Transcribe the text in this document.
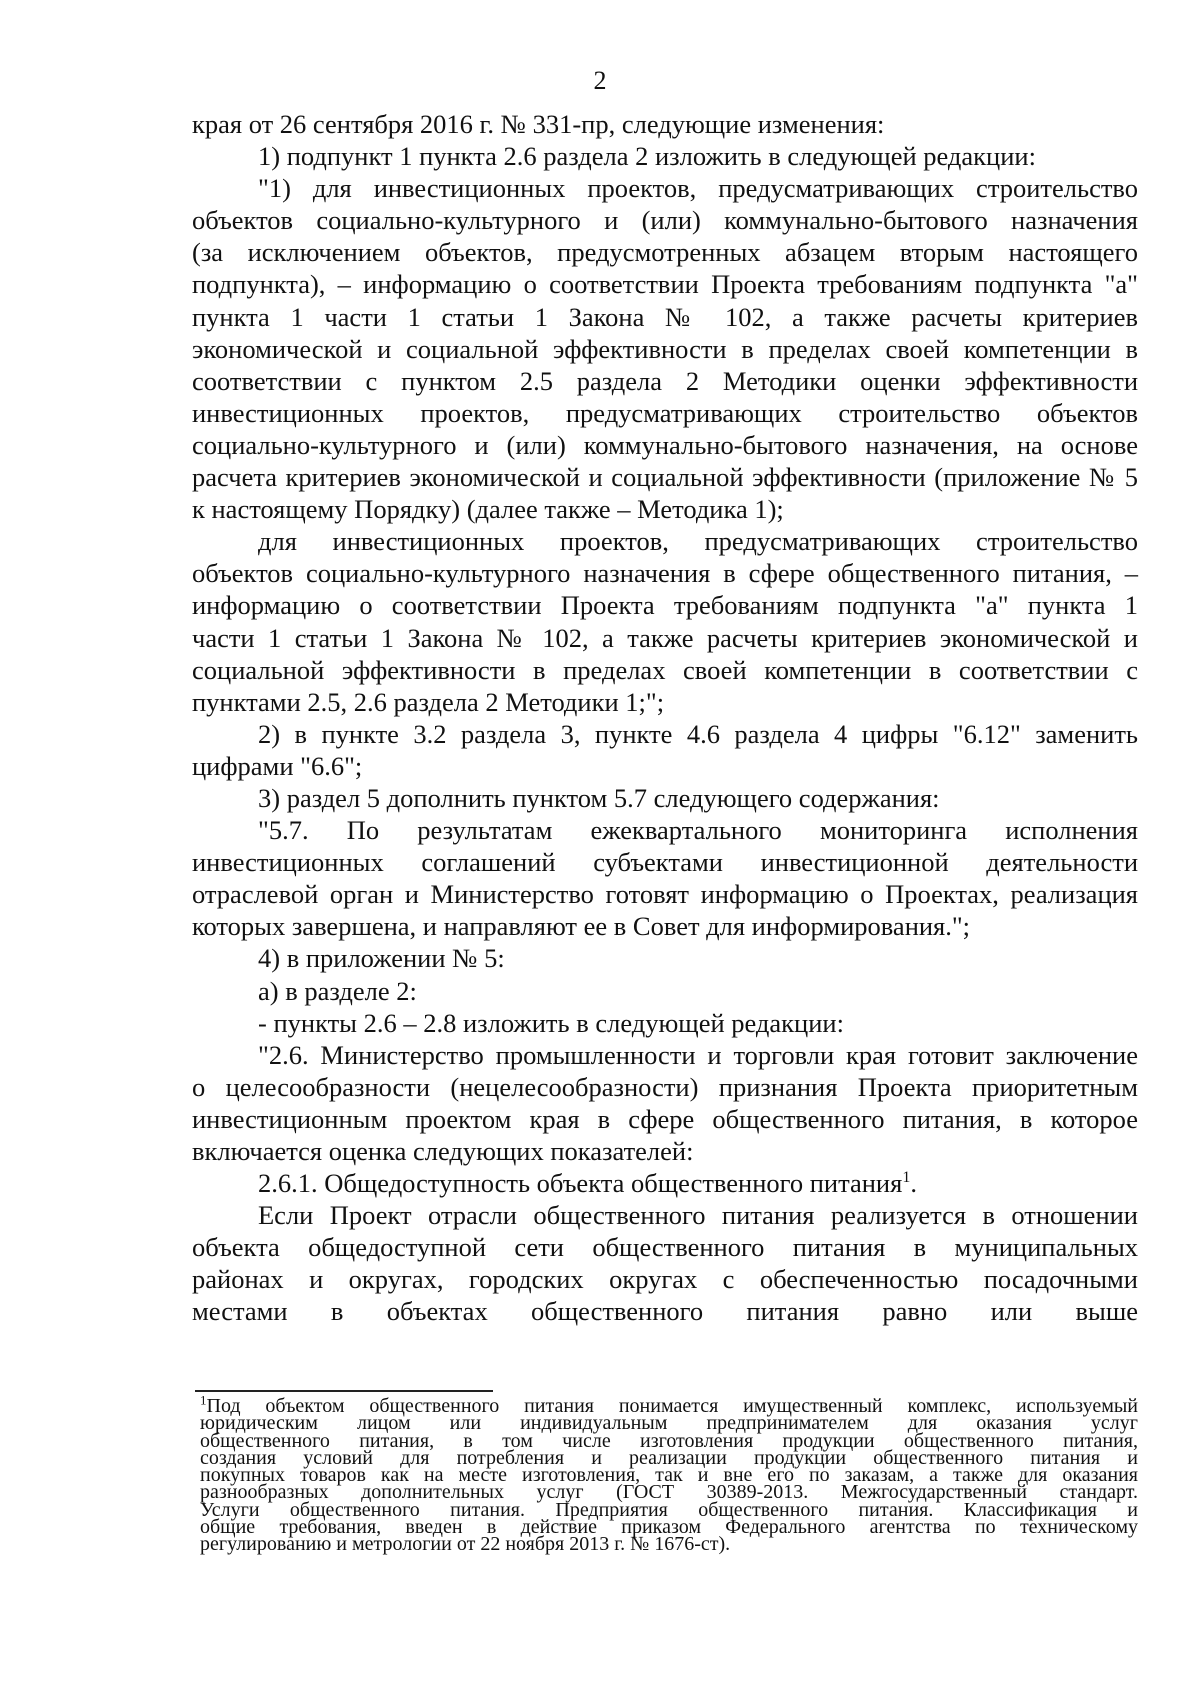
2
края от 26 сентября 2016 г. № 331-пр, следующие изменения:
1) подпункт 1 пункта 2.6 раздела 2 изложить в следующей редакции:
"1) для инвестиционных проектов, предусматривающих строительство
объектов социально-культурного и (или) коммунально-бытового назначения
(за исключением объектов, предусмотренных абзацем вторым настоящего
подпункта), – информацию о соответствии Проекта требованиям подпункта "а"
пункта 1 части 1 статьи 1 Закона № 102, а также расчеты критериев
экономической и социальной эффективности в пределах своей компетенции в
соответствии с пунктом 2.5 раздела 2 Методики оценки эффективности
инвестиционных проектов, предусматривающих строительство объектов
социально-культурного и (или) коммунально-бытового назначения, на основе
расчета критериев экономической и социальной эффективности (приложение № 5
к настоящему Порядку) (далее также – Методика 1);
для инвестиционных проектов, предусматривающих строительство
объектов социально-культурного назначения в сфере общественного питания, –
информацию о соответствии Проекта требованиям подпункта "а" пункта 1
части 1 статьи 1 Закона № 102, а также расчеты критериев экономической и
социальной эффективности в пределах своей компетенции в соответствии с
пунктами 2.5, 2.6 раздела 2 Методики 1;";
2) в пункте 3.2 раздела 3, пункте 4.6 раздела 4 цифры "6.12" заменить
цифрами "6.6";
3) раздел 5 дополнить пунктом 5.7 следующего содержания:
"5.7. По результатам ежеквартального мониторинга исполнения
инвестиционных соглашений субъектами инвестиционной деятельности
отраслевой орган и Министерство готовят информацию о Проектах, реализация
которых завершена, и направляют ее в Совет для информирования.";
4) в приложении № 5:
а) в разделе 2:
- пункты 2.6 – 2.8 изложить в следующей редакции:
"2.6. Министерство промышленности и торговли края готовит заключение
о целесообразности (нецелесообразности) признания Проекта приоритетным
инвестиционным проектом края в сфере общественного питания, в которое
включается оценка следующих показателей:
2.6.1. Общедоступность объекта общественного питания$^1$.
Если Проект отрасли общественного питания реализуется в отношении
объекта общедоступной сети общественного питания в муниципальных
районах и округах, городских округах с обеспеченностью посадочными
местами в объектах общественного питания равно или выше
$^1$Под объектом общественного питания понимается имущественный комплекс, используемый
юридическим лицом или индивидуальным предпринимателем для оказания услуг
общественного питания, в том числе изготовления продукции общественного питания,
создания условий для потребления и реализации продукции общественного питания и
покупных товаров как на месте изготовления, так и вне его по заказам, а также для оказания
разнообразных дополнительных услуг (ГОСТ 30389-2013. Межгосударственный стандарт.
Услуги общественного питания. Предприятия общественного питания. Классификация и
общие требования, введен в действие приказом Федерального агентства по техническому
регулированию и метрологии от 22 ноября 2013 г. № 1676-ст).
